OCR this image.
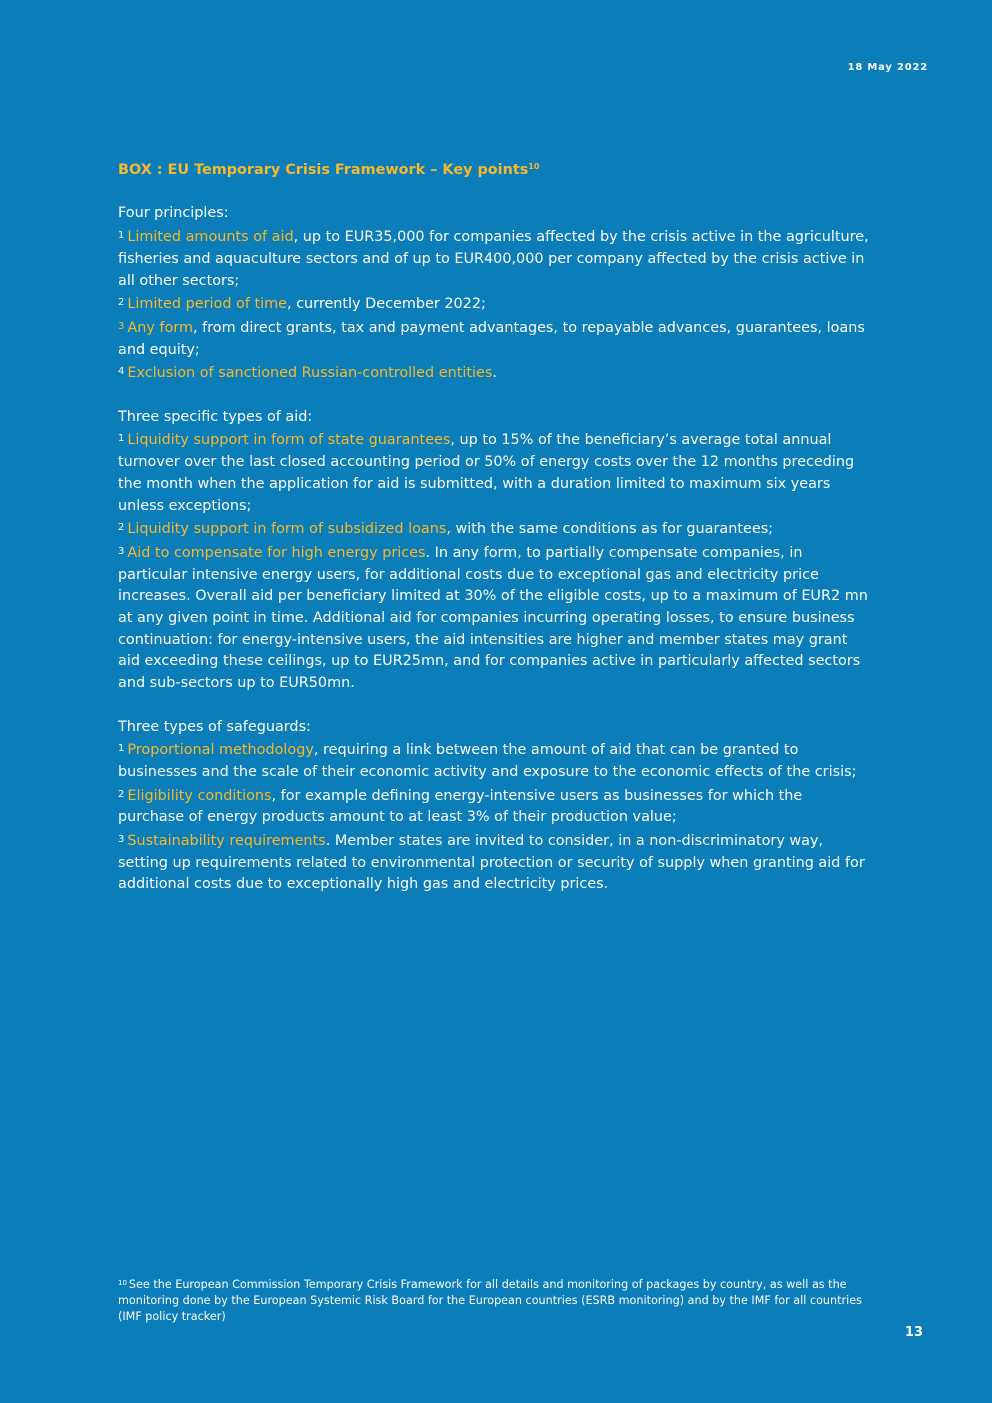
18 May 2022

BOX : EU Temporary Crisis Framework – Key points$^{10}$

Four principles:

$^1$ Limited amounts of aid, up to EUR35,000 for companies affected by the crisis active in the agriculture, fisheries and aquaculture sectors and of up to EUR400,000 per company affected by the crisis active in all other sectors;

$^2$ Limited period of time, currently December 2022;

$^3$ Any form, from direct grants, tax and payment advantages, to repayable advances, guarantees, loans and equity;

$^4$ Exclusion of sanctioned Russian-controlled entities.

Three specific types of aid:

$^1$ Liquidity support in form of state guarantees, up to 15% of the beneficiary’s average total annual turnover over the last closed accounting period or 50% of energy costs over the 12 months preceding the month when the application for aid is submitted, with a duration limited to maximum six years unless exceptions;

$^2$ Liquidity support in form of subsidized loans, with the same conditions as for guarantees;

$^3$ Aid to compensate for high energy prices. In any form, to partially compensate companies, in particular intensive energy users, for additional costs due to exceptional gas and electricity price increases. Overall aid per beneficiary limited at 30% of the eligible costs, up to a maximum of EUR2 mn at any given point in time. Additional aid for companies incurring operating losses, to ensure business continuation: for energy-intensive users, the aid intensities are higher and member states may grant aid exceeding these ceilings, up to EUR25mn, and for companies active in particularly affected sectors and sub-sectors up to EUR50mn.

Three types of safeguards:

$^1$ Proportional methodology, requiring a link between the amount of aid that can be granted to businesses and the scale of their economic activity and exposure to the economic effects of the crisis;

$^2$ Eligibility conditions, for example defining energy-intensive users as businesses for which the purchase of energy products amount to at least 3% of their production value;

$^3$ Sustainability requirements. Member states are invited to consider, in a non-discriminatory way, setting up requirements related to environmental protection or security of supply when granting aid for additional costs due to exceptionally high gas and electricity prices.

$^{10}$ See the European Commission Temporary Crisis Framework for all details and monitoring of packages by country, as well as the monitoring done by the European Systemic Risk Board for the European countries (ESRB monitoring) and by the IMF for all countries (IMF policy tracker)
13
